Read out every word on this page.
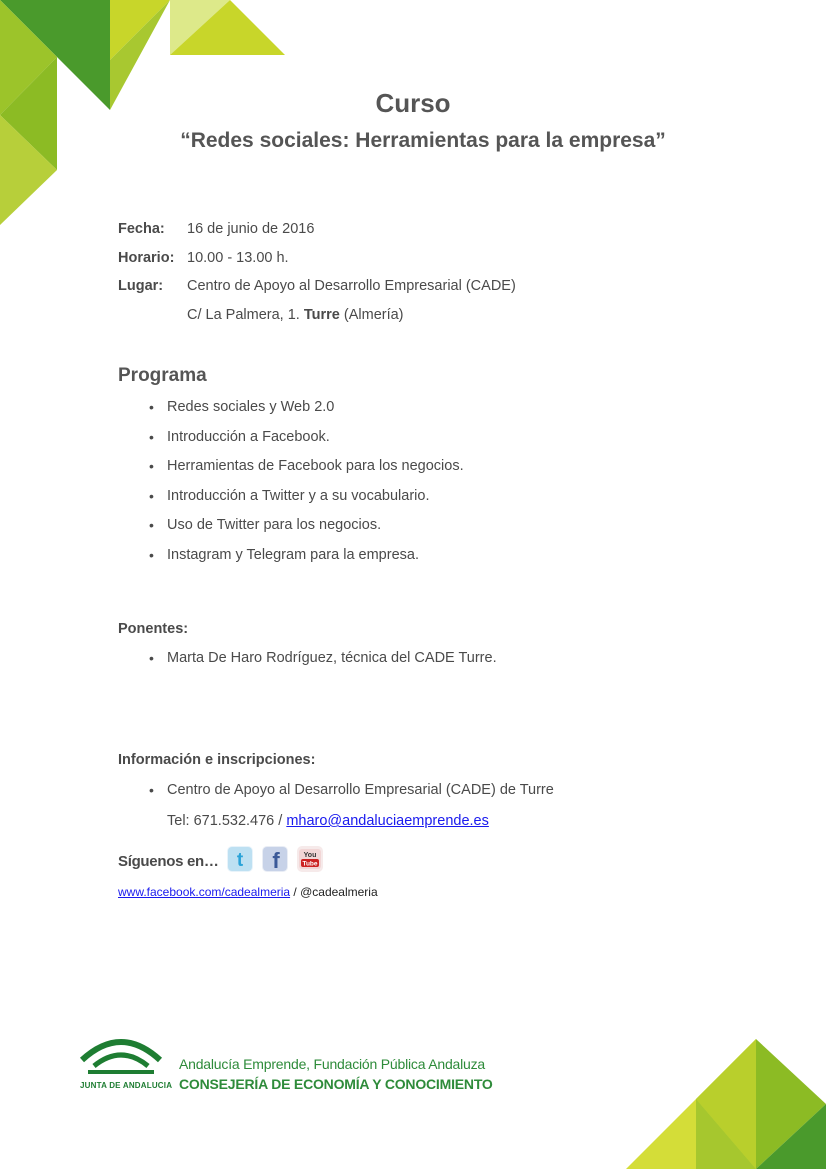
Curso
“Redes sociales: Herramientas para la empresa”
Fecha: 16 de junio de 2016
Horario: 10.00 - 13.00 h.
Lugar: Centro de Apoyo al Desarrollo Empresarial (CADE)
C/ La Palmera, 1. Turre (Almería)
Programa
• Redes sociales y Web 2.0
• Introducción a Facebook.
• Herramientas de Facebook para los negocios.
• Introducción a Twitter y a su vocabulario.
• Uso de Twitter para los negocios.
• Instagram y Telegram para la empresa.
Ponentes:
• Marta De Haro Rodríguez, técnica del CADE Turre.
Información e inscripciones:
• Centro de Apoyo al Desarrollo Empresarial (CADE) de Turre
Tel: 671.532.476 / mharo@andaluciaemprende.es
Síguenos en… t f	You
Tube
www.facebook.com/cadealmeria / @cadealmeria
JUNTA DE ANDALUCIA
Andalucía Emprende, Fundación Pública Andaluza
CONSEJERÍA DE ECONOMÍA Y CONOCIMIENTO
